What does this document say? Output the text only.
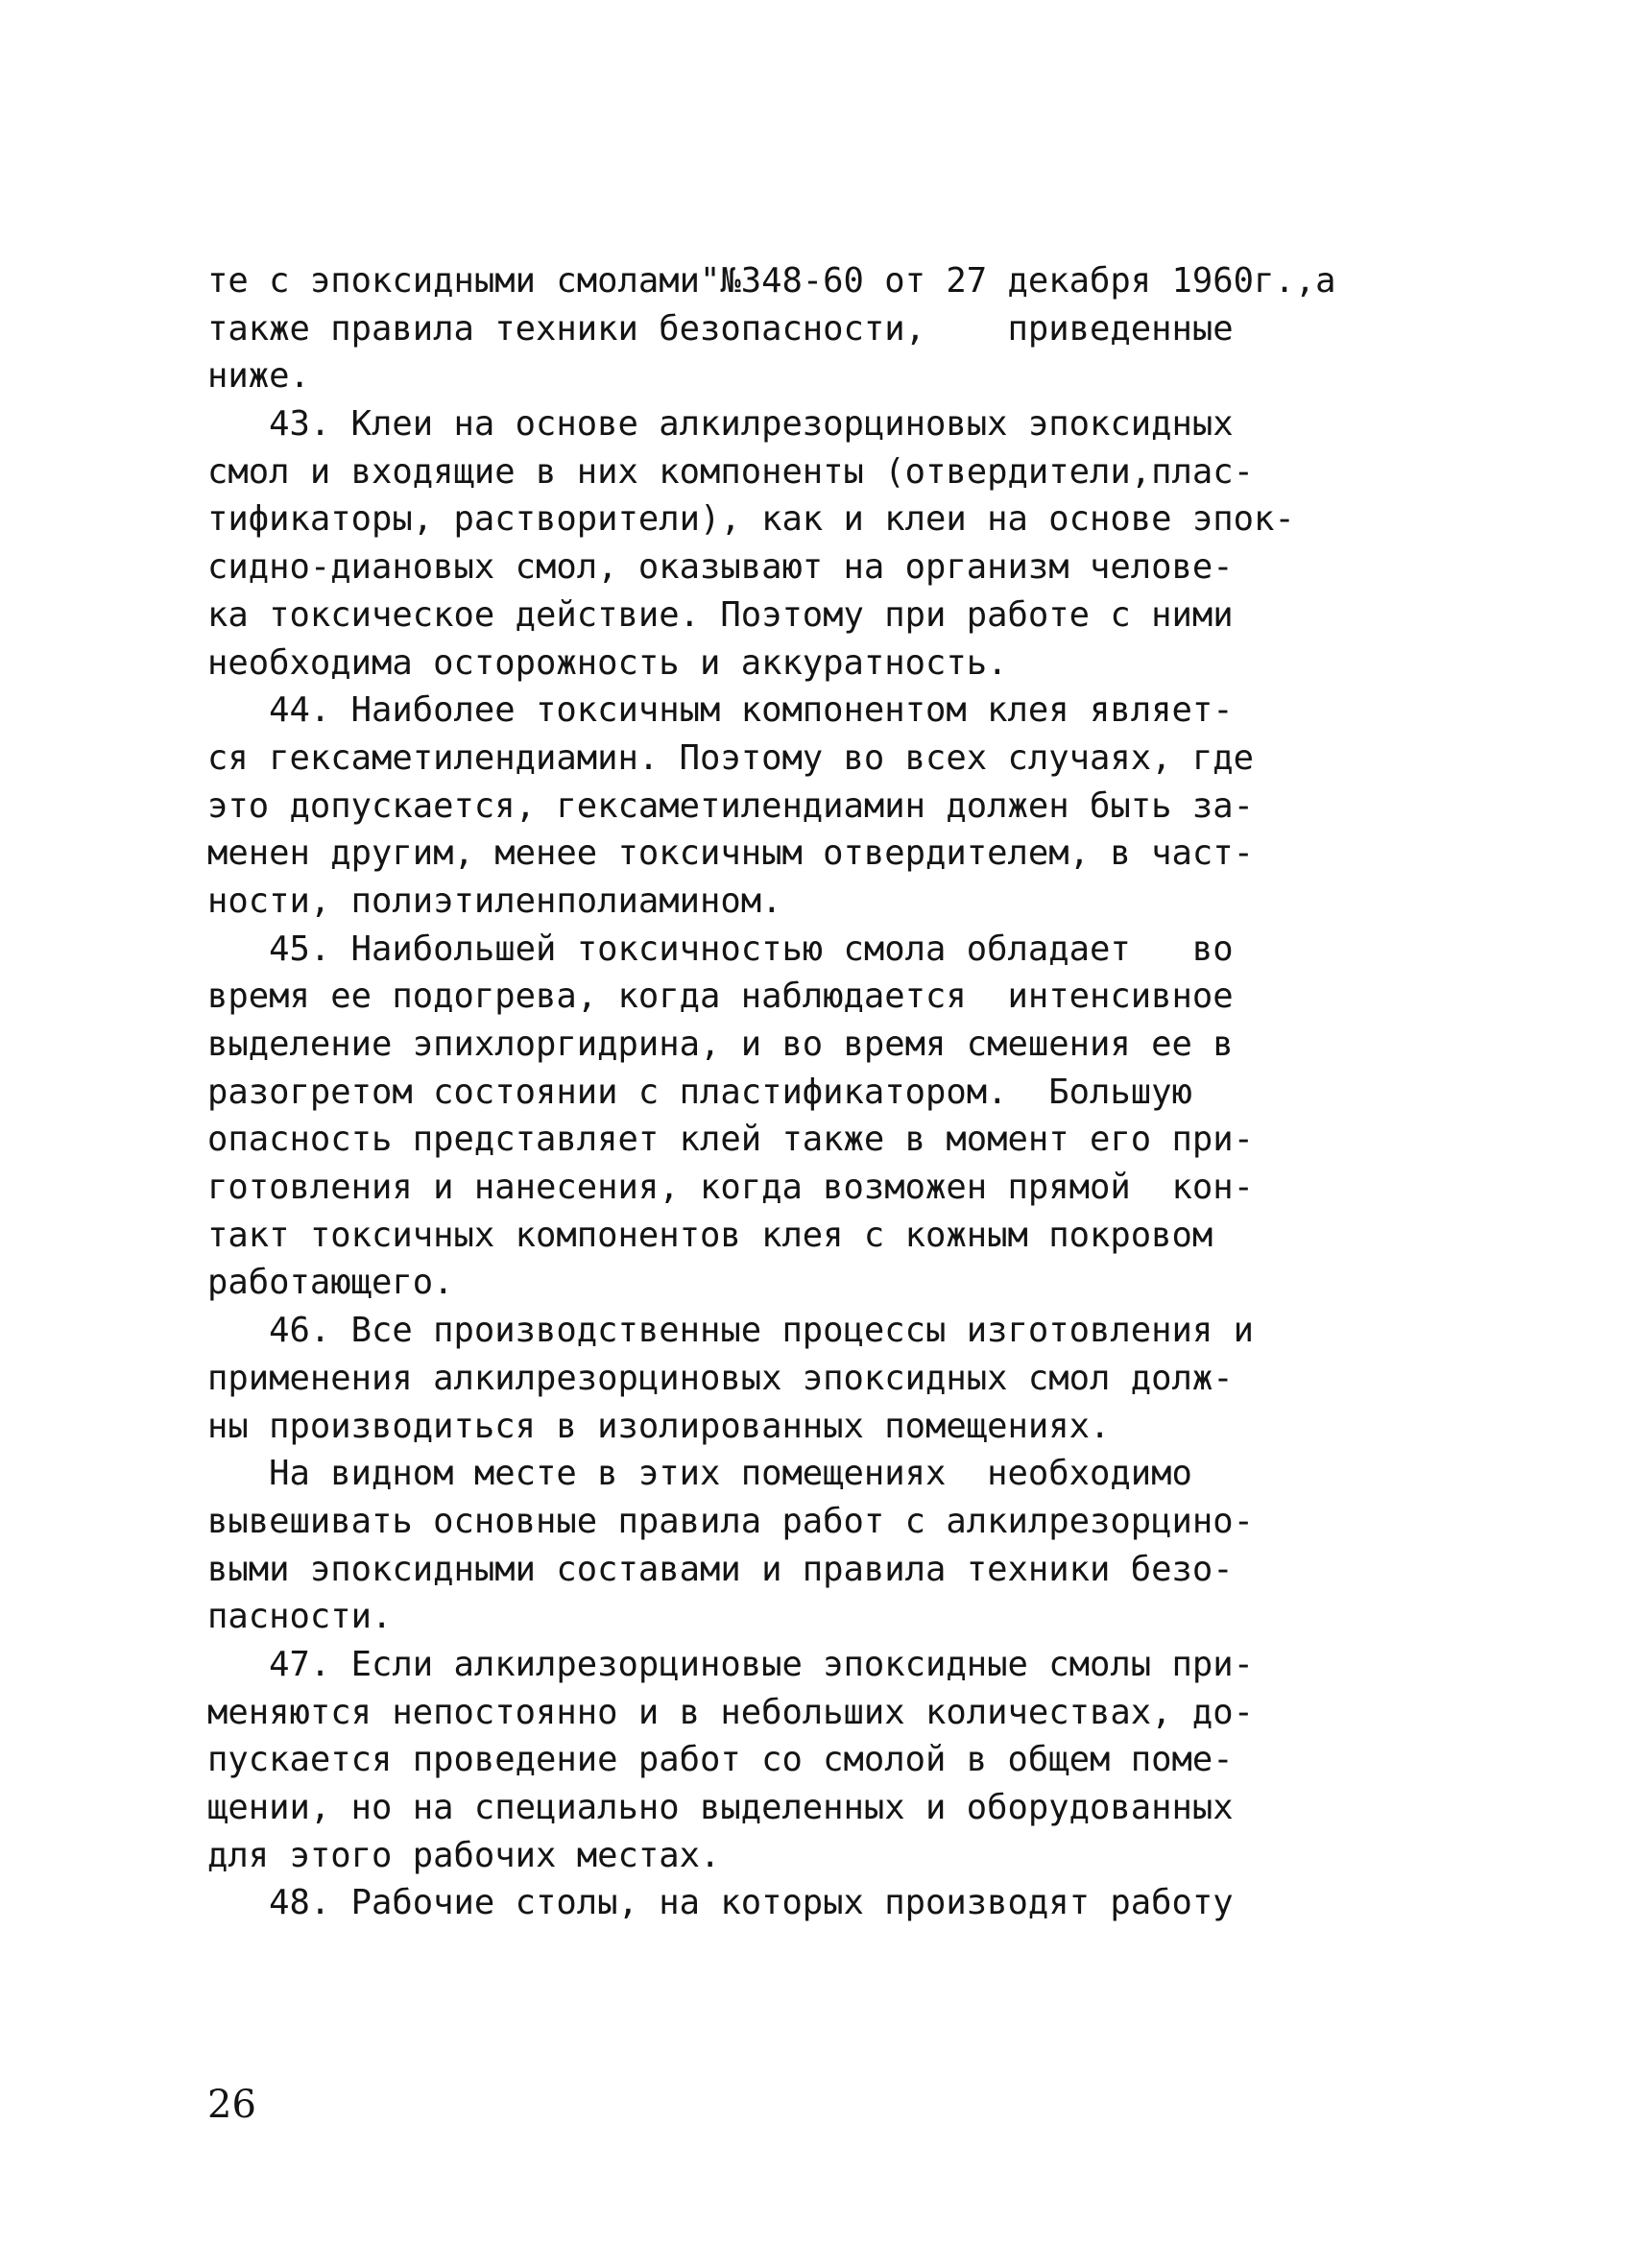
те с эпоксидными смолами"№348-60 от 27 декабря 1960г.,а
также правила техники безопасности,    приведенные
ниже.
43. Клеи на основе алкилрезорциновых эпоксидных
смол и входящие в них компоненты (отвердители,плас-
тификаторы, растворители), как и клеи на основе эпок-
сидно-диановых смол, оказывают на организм челове-
ка токсическое действие. Поэтому при работе с ними
необходима осторожность и аккуратность.
44. Наиболее токсичным компонентом клея являет-
ся гексаметилендиамин. Поэтому во всех случаях, где
это допускается, гексаметилендиамин должен быть за-
менен другим, менее токсичным отвердителем, в част-
ности, полиэтиленполиамином.
45. Наибольшей токсичностью смола обладает   во
время ее подогрева, когда наблюдается  интенсивное
выделение эпихлоргидрина, и во время смешения ее в
разогретом состоянии с пластификатором.  Большую
опасность представляет клей также в момент его при-
готовления и нанесения, когда возможен прямой  кон-
такт токсичных компонентов клея с кожным покровом
работающего.
46. Все производственные процессы изготовления и
применения алкилрезорциновых эпоксидных смол долж-
ны производиться в изолированных помещениях.
На видном месте в этих помещениях  необходимо
вывешивать основные правила работ с алкилрезорцино-
выми эпоксидными составами и правила техники безо-
пасности.
47. Если алкилрезорциновые эпоксидные смолы при-
меняются непостоянно и в небольших количествах, до-
пускается проведение работ со смолой в общем поме-
щении, но на специально выделенных и оборудованных
для этого рабочих местах.
48. Рабочие столы, на которых производят работу
26
